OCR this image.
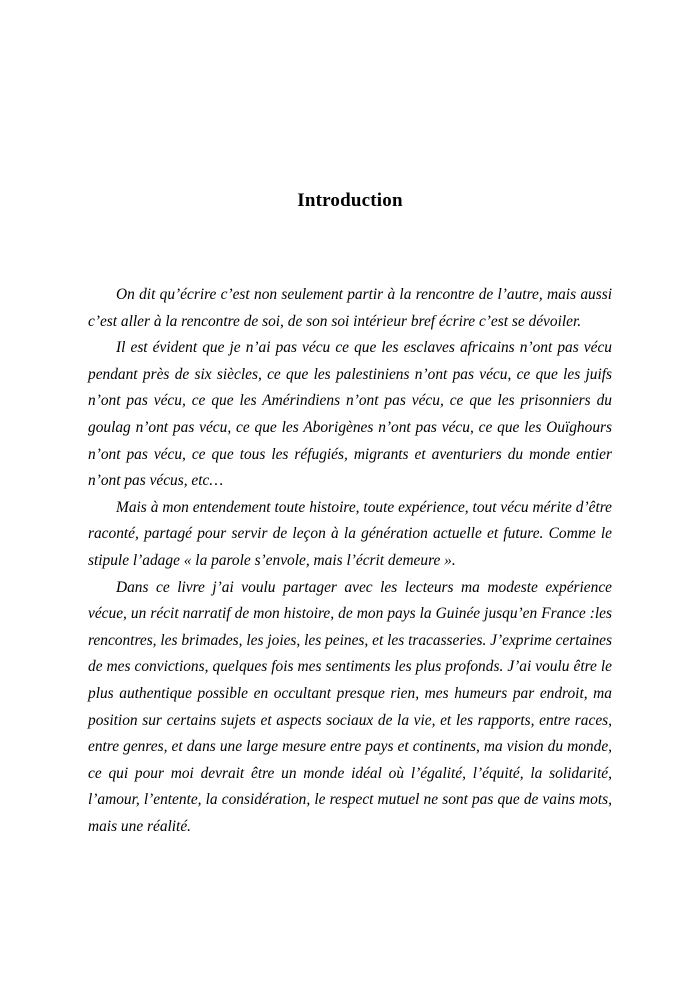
Introduction

On dit qu’écrire c’est non seulement partir à la rencontre de l’autre, mais aussi c’est aller à la rencontre de soi, de son soi intérieur bref écrire c’est se dévoiler.

Il est évident que je n’ai pas vécu ce que les esclaves africains n’ont pas vécu pendant près de six siècles, ce que les palestiniens n’ont pas vécu, ce que les juifs n’ont pas vécu, ce que les Amérindiens n’ont pas vécu, ce que les prisonniers du goulag n’ont pas vécu, ce que les Aborigènes n’ont pas vécu, ce que les Ouïghours n’ont pas vécu, ce que tous les réfugiés, migrants et aventuriers du monde entier n’ont pas vécus, etc…

Mais à mon entendement toute histoire, toute expérience, tout vécu mérite d’être raconté, partagé pour servir de leçon à la génération actuelle et future. Comme le stipule l’adage « la parole s’envole, mais l’écrit demeure ».

Dans ce livre j’ai voulu partager avec les lecteurs ma modeste expérience vécue, un récit narratif de mon histoire, de mon pays la Guinée jusqu’en France :les rencontres, les brimades, les joies, les peines, et les tracasseries. J’exprime certaines de mes convictions, quelques fois mes sentiments les plus profonds. J’ai voulu être le plus authentique possible en occultant presque rien, mes humeurs par endroit, ma position sur certains sujets et aspects sociaux de la vie, et les rapports, entre races, entre genres, et dans une large mesure entre pays et continents, ma vision du monde, ce qui pour moi devrait être un monde idéal où l’égalité, l’équité, la solidarité, l’amour, l’entente, la considération, le respect mutuel ne sont pas que de vains mots, mais une réalité.
